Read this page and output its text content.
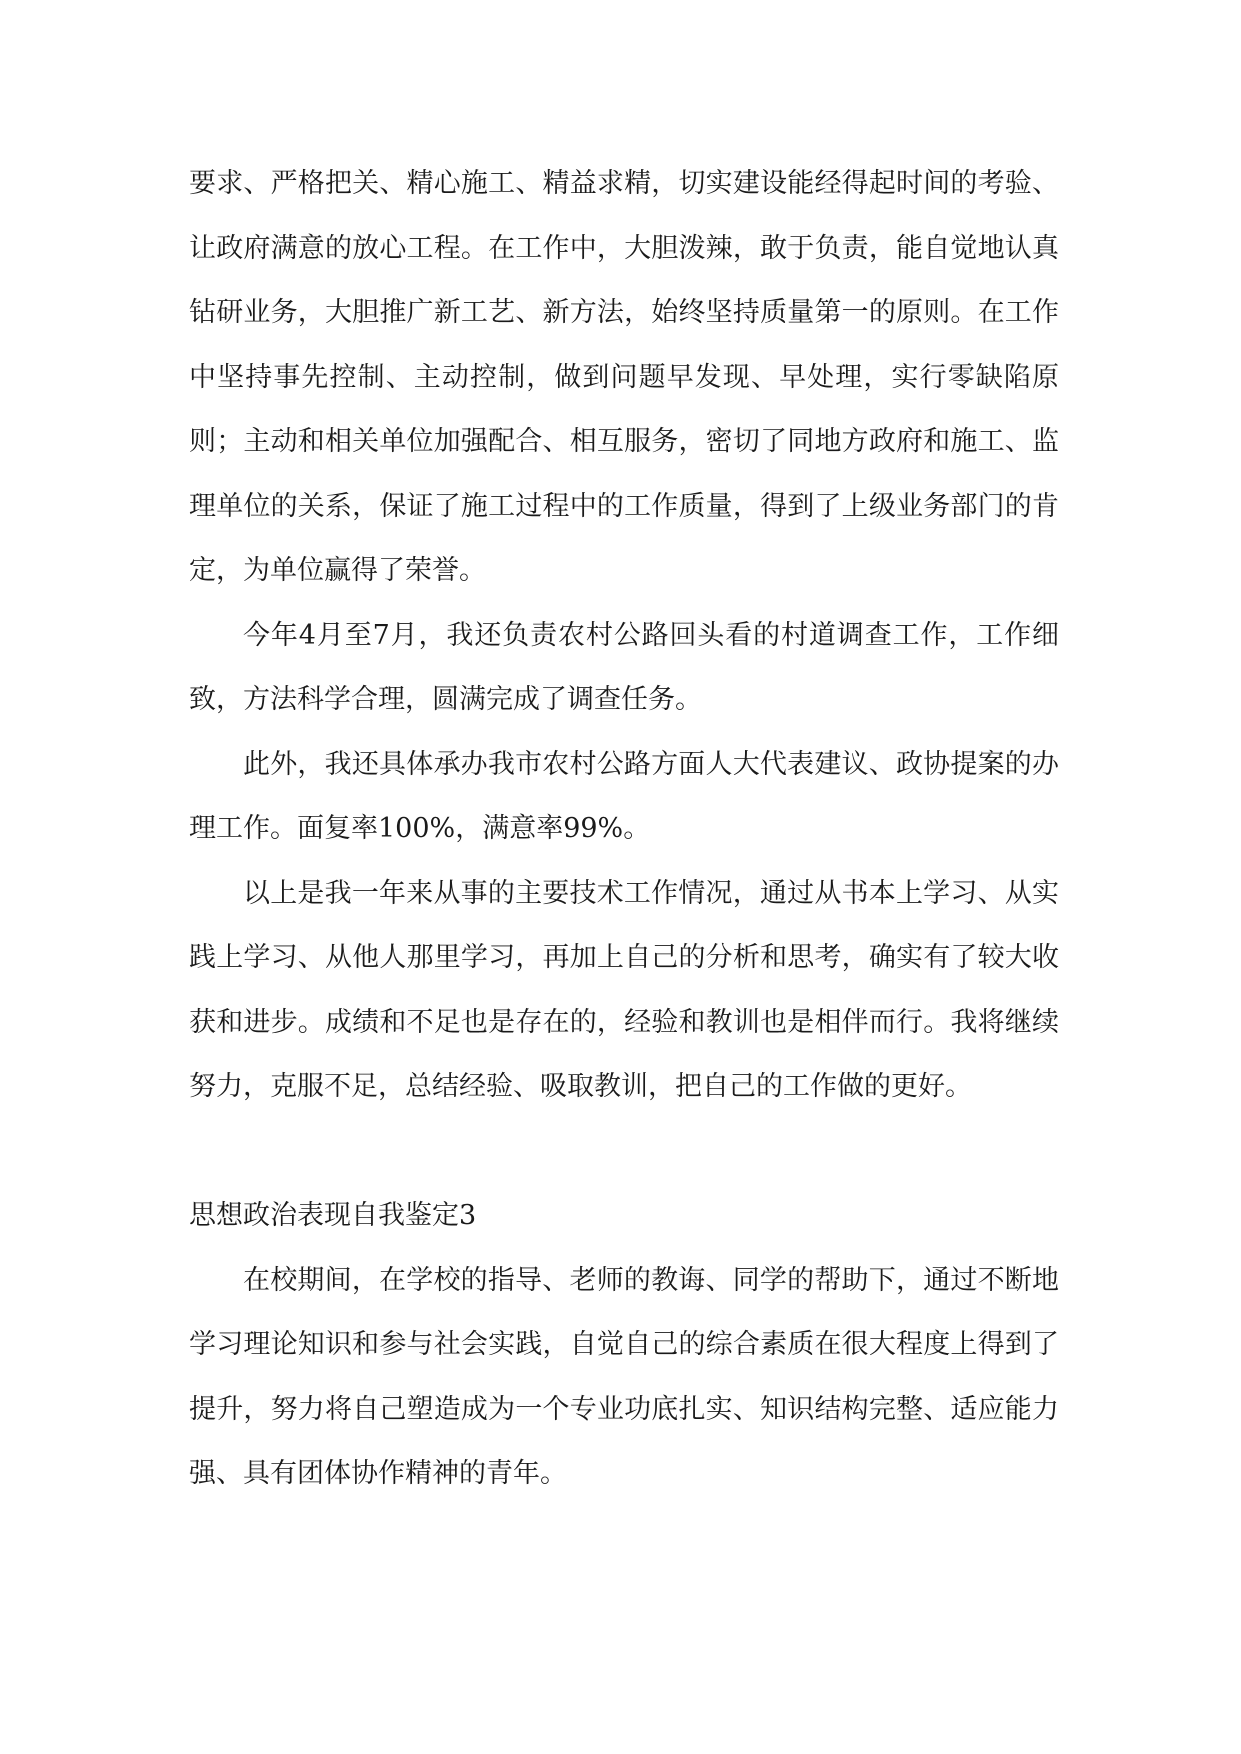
要求、严格把关、精心施工、精益求精，切实建设能经得起时间的考验、让政府满意的放心工程。在工作中，大胆泼辣，敢于负责，能自觉地认真钻研业务，大胆推广新工艺、新方法，始终坚持质量第一的原则。在工作中坚持事先控制、主动控制，做到问题早发现、早处理，实行零缺陷原则；主动和相关单位加强配合、相互服务，密切了同地方政府和施工、监理单位的关系，保证了施工过程中的工作质量，得到了上级业务部门的肯定，为单位赢得了荣誉。

今年4月至7月，我还负责农村公路回头看的村道调查工作，工作细致，方法科学合理，圆满完成了调查任务。

此外，我还具体承办我市农村公路方面人大代表建议、政协提案的办理工作。面复率100%，满意率99%。

以上是我一年来从事的主要技术工作情况，通过从书本上学习、从实践上学习、从他人那里学习，再加上自己的分析和思考，确实有了较大收获和进步。成绩和不足也是存在的，经验和教训也是相伴而行。我将继续努力，克服不足，总结经验、吸取教训，把自己的工作做的更好。

思想政治表现自我鉴定3

在校期间，在学校的指导、老师的教诲、同学的帮助下，通过不断地学习理论知识和参与社会实践，自觉自己的综合素质在很大程度上得到了提升，努力将自己塑造成为一个专业功底扎实、知识结构完整、适应能力强、具有团体协作精神的青年。
